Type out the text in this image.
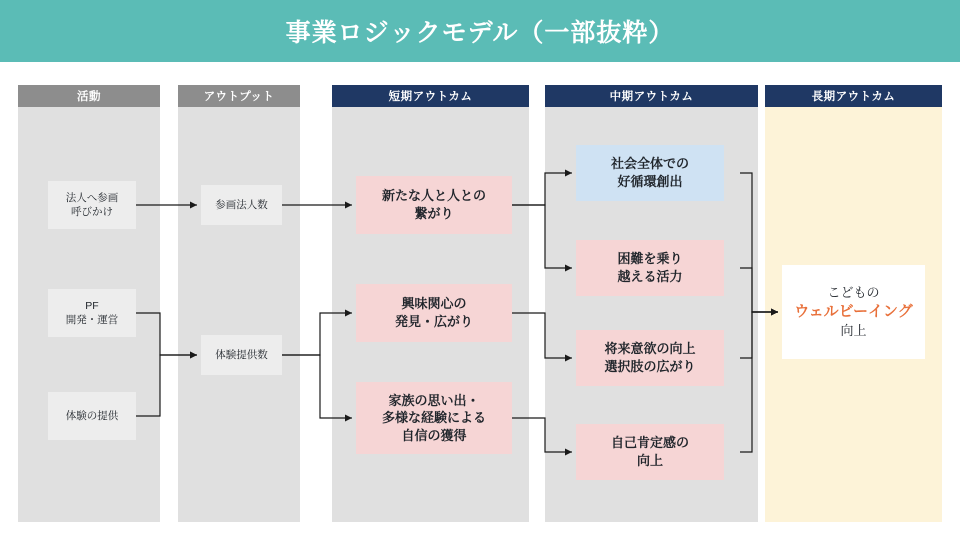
事業ロジックモデル（一部抜粋）
活動	アウトプット	短期アウトカム	中期アウトカム	長期アウトカム
法人へ参画
呼びかけ
PF
開発・運営
体験の提供
参画法人数
体験提供数
新たな人と人との
繋がり
興味関心の
発見・広がり
家族の思い出・
多様な経験による
自信の獲得
社会全体での
好循環創出
困難を乗り
越える活力
将来意欲の向上
選択肢の広がり
自己肯定感の
向上
こどもの
ウェルビーイング
向上
